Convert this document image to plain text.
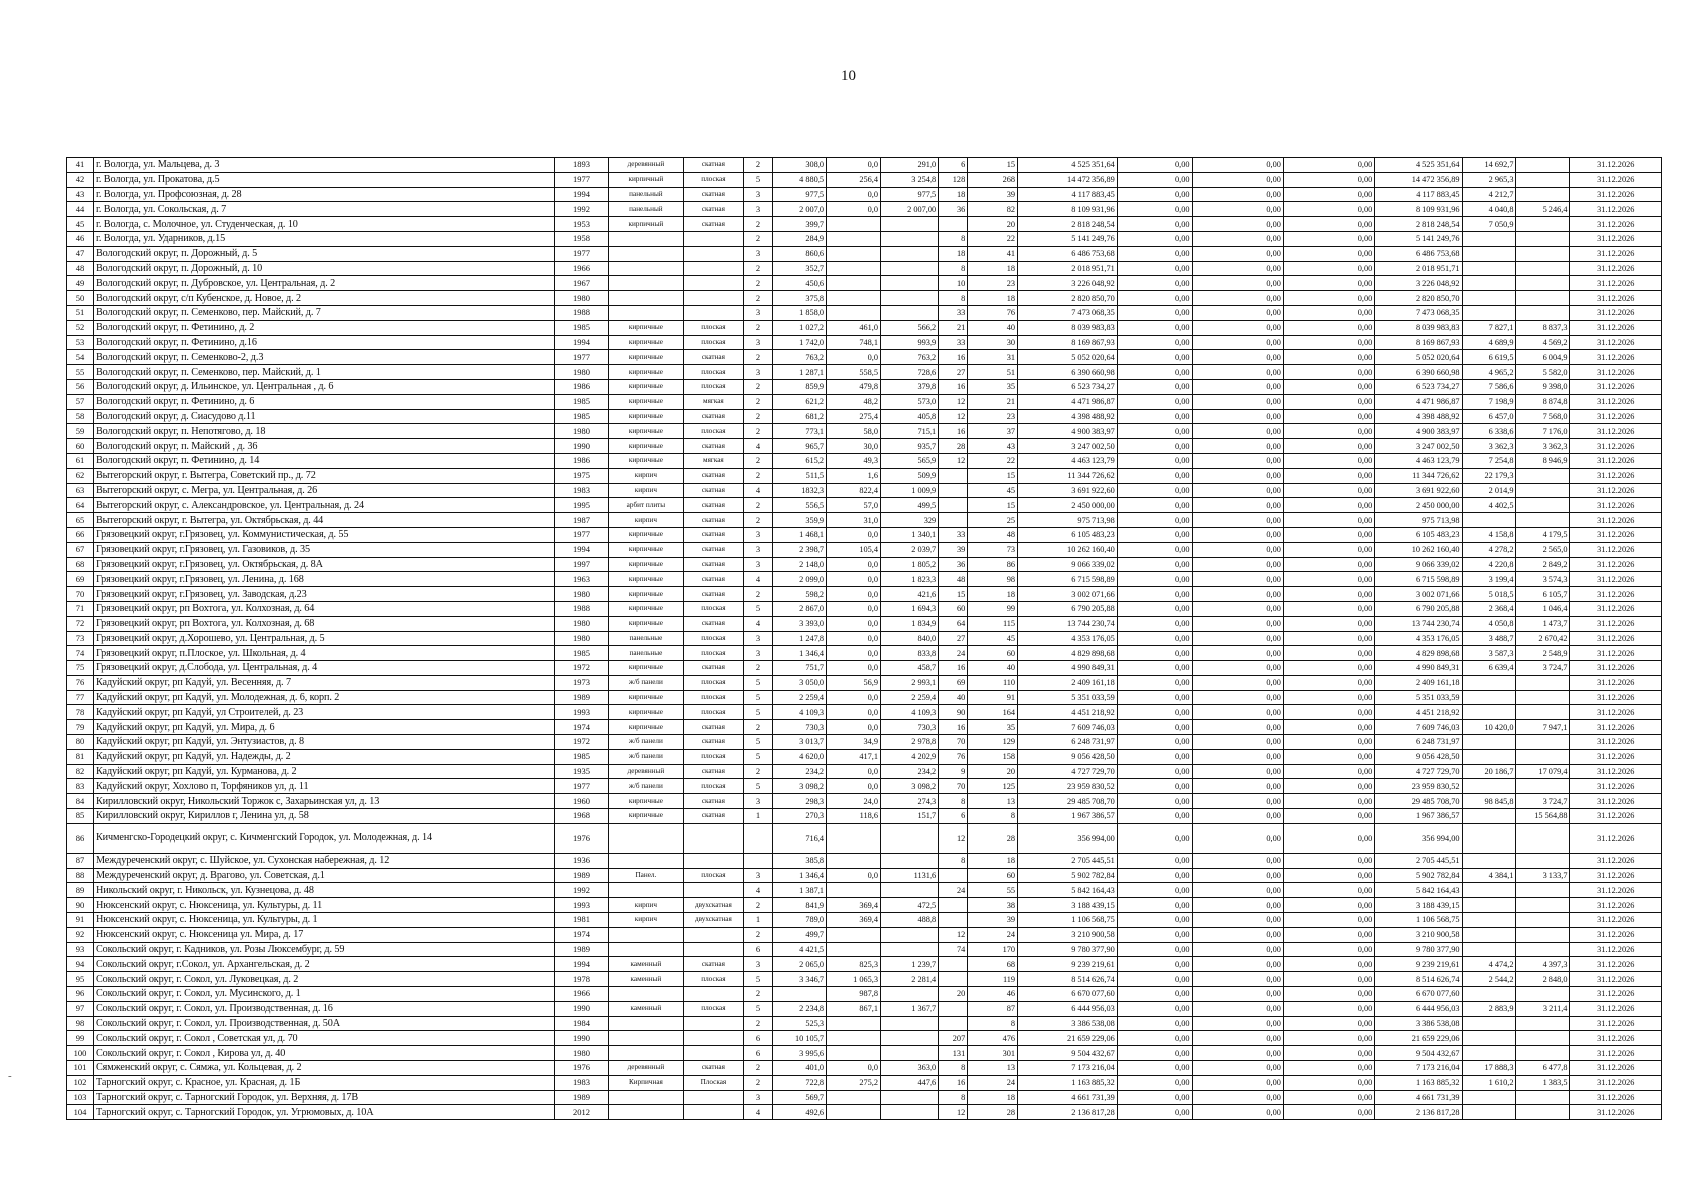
10
-
41	г. Вологда, ул. Мальцева, д. 3	1893	деревянный	скатная	2	308,0	0,0	291,0	6	15	4 525 351,64	0,00	0,00	0,00	4 525 351,64	14 692,7		31.12.2026
42	г. Вологда, ул. Прокатова, д.5	1977	кирпичный	плоская	5	4 880,5	256,4	3 254,8	128	268	14 472 356,89	0,00	0,00	0,00	14 472 356,89	2 965,3		31.12.2026
43	г. Вологда, ул. Профсоюзная, д. 28	1994	панельный	скатная	3	977,5	0,0	977,5	18	39	4 117 883,45	0,00	0,00	0,00	4 117 883,45	4 212,7		31.12.2026
44	г. Вологда, ул. Сокольская, д. 7	1992	панельный	скатная	3	2 007,0	0,0	2 007,00	36	82	8 109 931,96	0,00	0,00	0,00	8 109 931,96	4 040,8	5 246,4	31.12.2026
45	г. Вологда, с. Молочное, ул. Студенческая, д. 10	1953	кирпичный	скатная	2	399,7				20	2 818 248,54	0,00	0,00	0,00	2 818 248,54	7 050,9		31.12.2026
46	г. Вологда, ул. Ударников, д.15	1958			2	284,9			8	22	5 141 249,76	0,00	0,00	0,00	5 141 249,76			31.12.2026
47	Вологодский округ, п. Дорожный, д. 5	1977			3	860,6			18	41	6 486 753,68	0,00	0,00	0,00	6 486 753,68			31.12.2026
48	Вологодский округ, п. Дорожный, д. 10	1966			2	352,7			8	18	2 018 951,71	0,00	0,00	0,00	2 018 951,71			31.12.2026
49	Вологодский округ, п. Дубровское, ул. Центральная, д. 2	1967			2	450,6			10	23	3 226 048,92	0,00	0,00	0,00	3 226 048,92			31.12.2026
50	Вологодский округ, с/п Кубенское, д. Новое, д. 2	1980			2	375,8			8	18	2 820 850,70	0,00	0,00	0,00	2 820 850,70			31.12.2026
51	Вологодский округ, п. Семенково, пер. Майский, д. 7	1988			3	1 858,0			33	76	7 473 068,35	0,00	0,00	0,00	7 473 068,35			31.12.2026
52	Вологодский округ, п. Фетинино, д. 2	1985	кирпичные	плоская	2	1 027,2	461,0	566,2	21	40	8 039 983,83	0,00	0,00	0,00	8 039 983,83	7 827,1	8 837,3	31.12.2026
53	Вологодский округ, п. Фетинино, д.16	1994	кирпичные	плоская	3	1 742,0	748,1	993,9	33	30	8 169 867,93	0,00	0,00	0,00	8 169 867,93	4 689,9	4 569,2	31.12.2026
54	Вологодский округ, п. Семенково-2, д.3	1977	кирпичные	скатная	2	763,2	0,0	763,2	16	31	5 052 020,64	0,00	0,00	0,00	5 052 020,64	6 619,5	6 004,9	31.12.2026
55	Вологодский округ, п. Семенково, пер. Майский, д. 1	1980	кирпичные	плоская	3	1 287,1	558,5	728,6	27	51	6 390 660,98	0,00	0,00	0,00	6 390 660,98	4 965,2	5 582,0	31.12.2026
56	Вологодский округ, д. Ильинское, ул. Центральная , д. 6	1986	кирпичные	плоская	2	859,9	479,8	379,8	16	35	6 523 734,27	0,00	0,00	0,00	6 523 734,27	7 586,6	9 398,0	31.12.2026
57	Вологодский округ, п. Фетинино, д. 6	1985	кирпичные	мягкая	2	621,2	48,2	573,0	12	21	4 471 986,87	0,00	0,00	0,00	4 471 986,87	7 198,9	8 874,8	31.12.2026
58	Вологодский округ, д. Сиасудово д.11	1985	кирпичные	скатная	2	681,2	275,4	405,8	12	23	4 398 488,92	0,00	0,00	0,00	4 398 488,92	6 457,0	7 568,0	31.12.2026
59	Вологодский округ, п. Непотягово, д. 18	1980	кирпичные	плоская	2	773,1	58,0	715,1	16	37	4 900 383,97	0,00	0,00	0,00	4 900 383,97	6 338,6	7 176,0	31.12.2026
60	Вологодский округ, п. Майский , д. 36	1990	кирпичные	скатная	4	965,7	30,0	935,7	28	43	3 247 002,50	0,00	0,00	0,00	3 247 002,50	3 362,3	3 362,3	31.12.2026
61	Вологодский округ, п. Фетинино, д. 14	1986	кирпичные	мягкая	2	615,2	49,3	565,9	12	22	4 463 123,79	0,00	0,00	0,00	4 463 123,79	7 254,8	8 946,9	31.12.2026
62	Вытегорский округ, г. Вытегра, Советский пр., д. 72	1975	кирпич	скатная	2	511,5	1,6	509,9		15	11 344 726,62	0,00	0,00	0,00	11 344 726,62	22 179,3		31.12.2026
63	Вытегорский округ, с. Мегра, ул. Центральная, д. 26	1983	кирпич	скатная	4	1832,3	822,4	1 009,9		45	3 691 922,60	0,00	0,00	0,00	3 691 922,60	2 014,9		31.12.2026
64	Вытегорский округ, с. Александровское, ул. Центральная, д. 24	1995	арбит плиты	скатная	2	556,5	57,0	499,5		15	2 450 000,00	0,00	0,00	0,00	2 450 000,00	4 402,5		31.12.2026
65	Вытегорский округ, г. Вытегра, ул. Октябрьская, д. 44	1987	кирпич	скатная	2	359,9	31,0	329		25	975 713,98	0,00	0,00	0,00	975 713,98			31.12.2026
66	Грязовецкий округ, г.Грязовец, ул. Коммунистическая, д. 55	1977	кирпичные	скатная	3	1 468,1	0,0	1 340,1	33	48	6 105 483,23	0,00	0,00	0,00	6 105 483,23	4 158,8	4 179,5	31.12.2026
67	Грязовецкий округ, г.Грязовец, ул. Газовиков, д. 35	1994	кирпичные	скатная	3	2 398,7	105,4	2 039,7	39	73	10 262 160,40	0,00	0,00	0,00	10 262 160,40	4 278,2	2 565,0	31.12.2026
68	Грязовецкий округ, г.Грязовец, ул. Октябрьская, д. 8А	1997	кирпичные	скатная	3	2 148,0	0,0	1 805,2	36	86	9 066 339,02	0,00	0,00	0,00	9 066 339,02	4 220,8	2 849,2	31.12.2026
69	Грязовецкий округ, г.Грязовец, ул. Ленина, д. 168	1963	кирпичные	скатная	4	2 099,0	0,0	1 823,3	48	98	6 715 598,89	0,00	0,00	0,00	6 715 598,89	3 199,4	3 574,3	31.12.2026
70	Грязовецкий округ, г.Грязовец, ул. Заводская, д.23	1980	кирпичные	скатная	2	598,2	0,0	421,6	15	18	3 002 071,66	0,00	0,00	0,00	3 002 071,66	5 018,5	6 105,7	31.12.2026
71	Грязовецкий округ, рп Вохтога, ул. Колхозная, д. 64	1988	кирпичные	плоская	5	2 867,0	0,0	1 694,3	60	99	6 790 205,88	0,00	0,00	0,00	6 790 205,88	2 368,4	1 046,4	31.12.2026
72	Грязовецкий округ, рп Вохтога, ул. Колхозная, д. 68	1980	кирпичные	скатная	4	3 393,0	0,0	1 834,9	64	115	13 744 230,74	0,00	0,00	0,00	13 744 230,74	4 050,8	1 473,7	31.12.2026
73	Грязовецкий округ, д.Хорошево, ул. Центральная, д. 5	1980	панельные	плоская	3	1 247,8	0,0	840,0	27	45	4 353 176,05	0,00	0,00	0,00	4 353 176,05	3 488,7	2 670,42	31.12.2026
74	Грязовецкий округ, п.Плоское, ул. Школьная, д. 4	1985	панельные	плоская	3	1 346,4	0,0	833,8	24	60	4 829 898,68	0,00	0,00	0,00	4 829 898,68	3 587,3	2 548,9	31.12.2026
75	Грязовецкий округ, д.Слобода, ул. Центральная, д. 4	1972	кирпичные	скатная	2	751,7	0,0	458,7	16	40	4 990 849,31	0,00	0,00	0,00	4 990 849,31	6 639,4	3 724,7	31.12.2026
76	Кадуйский округ, рп Кадуй, ул. Весенняя, д. 7	1973	ж/б панели	плоская	5	3 050,0	56,9	2 993,1	69	110	2 409 161,18	0,00	0,00	0,00	2 409 161,18			31.12.2026
77	Кадуйский округ, рп Кадуй, ул. Молодежная, д. 6, корп. 2	1989	кирпичные	плоская	5	2 259,4	0,0	2 259,4	40	91	5 351 033,59	0,00	0,00	0,00	5 351 033,59			31.12.2026
78	Кадуйский округ, рп Кадуй, ул Строителей, д. 23	1993	кирпичные	плоская	5	4 109,3	0,0	4 109,3	90	164	4 451 218,92	0,00	0,00	0,00	4 451 218,92			31.12.2026
79	Кадуйский округ, рп Кадуй, ул. Мира, д. 6	1974	кирпичные	скатная	2	730,3	0,0	730,3	16	35	7 609 746,03	0,00	0,00	0,00	7 609 746,03	10 420,0	7 947,1	31.12.2026
80	Кадуйский округ, рп Кадуй, ул. Энтузиастов, д. 8	1972	ж/б панели	скатная	5	3 013,7	34,9	2 978,8	70	129	6 248 731,97	0,00	0,00	0,00	6 248 731,97			31.12.2026
81	Кадуйский округ, рп Кадуй, ул. Надежды, д. 2	1985	ж/б панели	плоская	5	4 620,0	417,1	4 202,9	76	158	9 056 428,50	0,00	0,00	0,00	9 056 428,50			31.12.2026
82	Кадуйский округ, рп Кадуй, ул. Курманова, д. 2	1935	деревянный	скатная	2	234,2	0,0	234,2	9	20	4 727 729,70	0,00	0,00	0,00	4 727 729,70	20 186,7	17 079,4	31.12.2026
83	Кадуйский округ, Хохлово п, Торфяников ул, д. 11	1977	ж/б панели	плоская	5	3 098,2	0,0	3 098,2	70	125	23 959 830,52	0,00	0,00	0,00	23 959 830,52			31.12.2026
84	Кирилловский округ, Никольский Торжок с, Захарьинская ул, д. 13	1960	кирпичные	скатная	3	298,3	24,0	274,3	8	13	29 485 708,70	0,00	0,00	0,00	29 485 708,70	98 845,8	3 724,7	31.12.2026
85	Кирилловский округ, Кириллов г, Ленина ул, д. 58	1968	кирпичные	скатная	1	270,3	118,6	151,7	6	8	1 967 386,57	0,00	0,00	0,00	1 967 386,57		15 564,88	31.12.2026
86	Кичменгско-Городецкий округ, с. Кичменгский Городок, ул. Молодежная, д. 14	1976				716,4			12	28	356 994,00	0,00	0,00	0,00	356 994,00			31.12.2026
87	Междуреченский округ, с. Шуйское, ул. Сухонская набережная, д. 12	1936				385,8			8	18	2 705 445,51	0,00	0,00	0,00	2 705 445,51			31.12.2026
88	Междуреченский округ, д. Врагово, ул. Советская, д.1	1989	Панел.	плоская	3	1 346,4	0,0	1131,6		60	5 902 782,84	0,00	0,00	0,00	5 902 782,84	4 384,1	3 133,7	31.12.2026
89	Никольский округ, г. Никольск, ул. Кузнецова, д. 48	1992			4	1 387,1			24	55	5 842 164,43	0,00	0,00	0,00	5 842 164,43			31.12.2026
90	Нюксенский округ, с. Нюксеница, ул. Культуры, д. 11	1993	кирпич	двухскатная	2	841,9	369,4	472,5		38	3 188 439,15	0,00	0,00	0,00	3 188 439,15			31.12.2026
91	Нюксенский округ, с. Нюксеница, ул. Культуры, д. 1	1981	кирпич	двухскатная	1	789,0	369,4	488,8		39	1 106 568,75	0,00	0,00	0,00	1 106 568,75			31.12.2026
92	Нюксенский округ, с. Нюксеница ул. Мира, д. 17	1974			2	499,7			12	24	3 210 900,58	0,00	0,00	0,00	3 210 900,58			31.12.2026
93	Сокольский округ, г. Кадников, ул. Розы Люксембург, д. 59	1989			6	4 421,5			74	170	9 780 377,90	0,00	0,00	0,00	9 780 377,90			31.12.2026
94	Сокольский округ, г.Сокол, ул. Архангельская, д. 2	1994	каменный	скатная	3	2 065,0	825,3	1 239,7		68	9 239 219,61	0,00	0,00	0,00	9 239 219,61	4 474,2	4 397,3	31.12.2026
95	Сокольский округ, г. Сокол, ул. Луковецкая, д. 2	1978	каменный	плоская	5	3 346,7	1 065,3	2 281,4		119	8 514 626,74	0,00	0,00	0,00	8 514 626,74	2 544,2	2 848,0	31.12.2026
96	Сокольский округ, г. Сокол, ул. Мусинского, д. 1	1966			2		987,8		20	46	6 670 077,60	0,00	0,00	0,00	6 670 077,60			31.12.2026
97	Сокольский округ, г. Сокол, ул. Производственная, д. 16	1990	каменный	плоская	5	2 234,8	867,1	1 367,7		87	6 444 956,03	0,00	0,00	0,00	6 444 956,03	2 883,9	3 211,4	31.12.2026
98	Сокольский округ, г. Сокол, ул. Производственная, д. 50А	1984			2	525,3				8	3 386 538,08	0,00	0,00	0,00	3 386 538,08			31.12.2026
99	Сокольский округ, г. Сокол , Советская ул, д. 70	1990			6	10 105,7			207	476	21 659 229,06	0,00	0,00	0,00	21 659 229,06			31.12.2026
100	Сокольский округ, г. Сокол , Кирова ул, д. 40	1980			6	3 995,6			131	301	9 504 432,67	0,00	0,00	0,00	9 504 432,67			31.12.2026
101	Сямженский округ, с. Сямжа, ул. Кольцевая, д. 2	1976	деревянный	скатная	2	401,0	0,0	363,0	8	13	7 173 216,04	0,00	0,00	0,00	7 173 216,04	17 888,3	6 477,8	31.12.2026
102	Тарногский округ, с. Красное, ул. Красная, д. 1Б	1983	Кирпичная	Плоская	2	722,8	275,2	447,6	16	24	1 163 885,32	0,00	0,00	0,00	1 163 885,32	1 610,2	1 383,5	31.12.2026
103	Тарногский округ, с. Тарногский Городок, ул. Верхняя, д. 17В	1989			3	569,7			8	18	4 661 731,39	0,00	0,00	0,00	4 661 731,39			31.12.2026
104	Тарногский округ, с. Тарногский Городок, ул. Угрюмовых, д. 10А	2012			4	492,6			12	28	2 136 817,28	0,00	0,00	0,00	2 136 817,28			31.12.2026
